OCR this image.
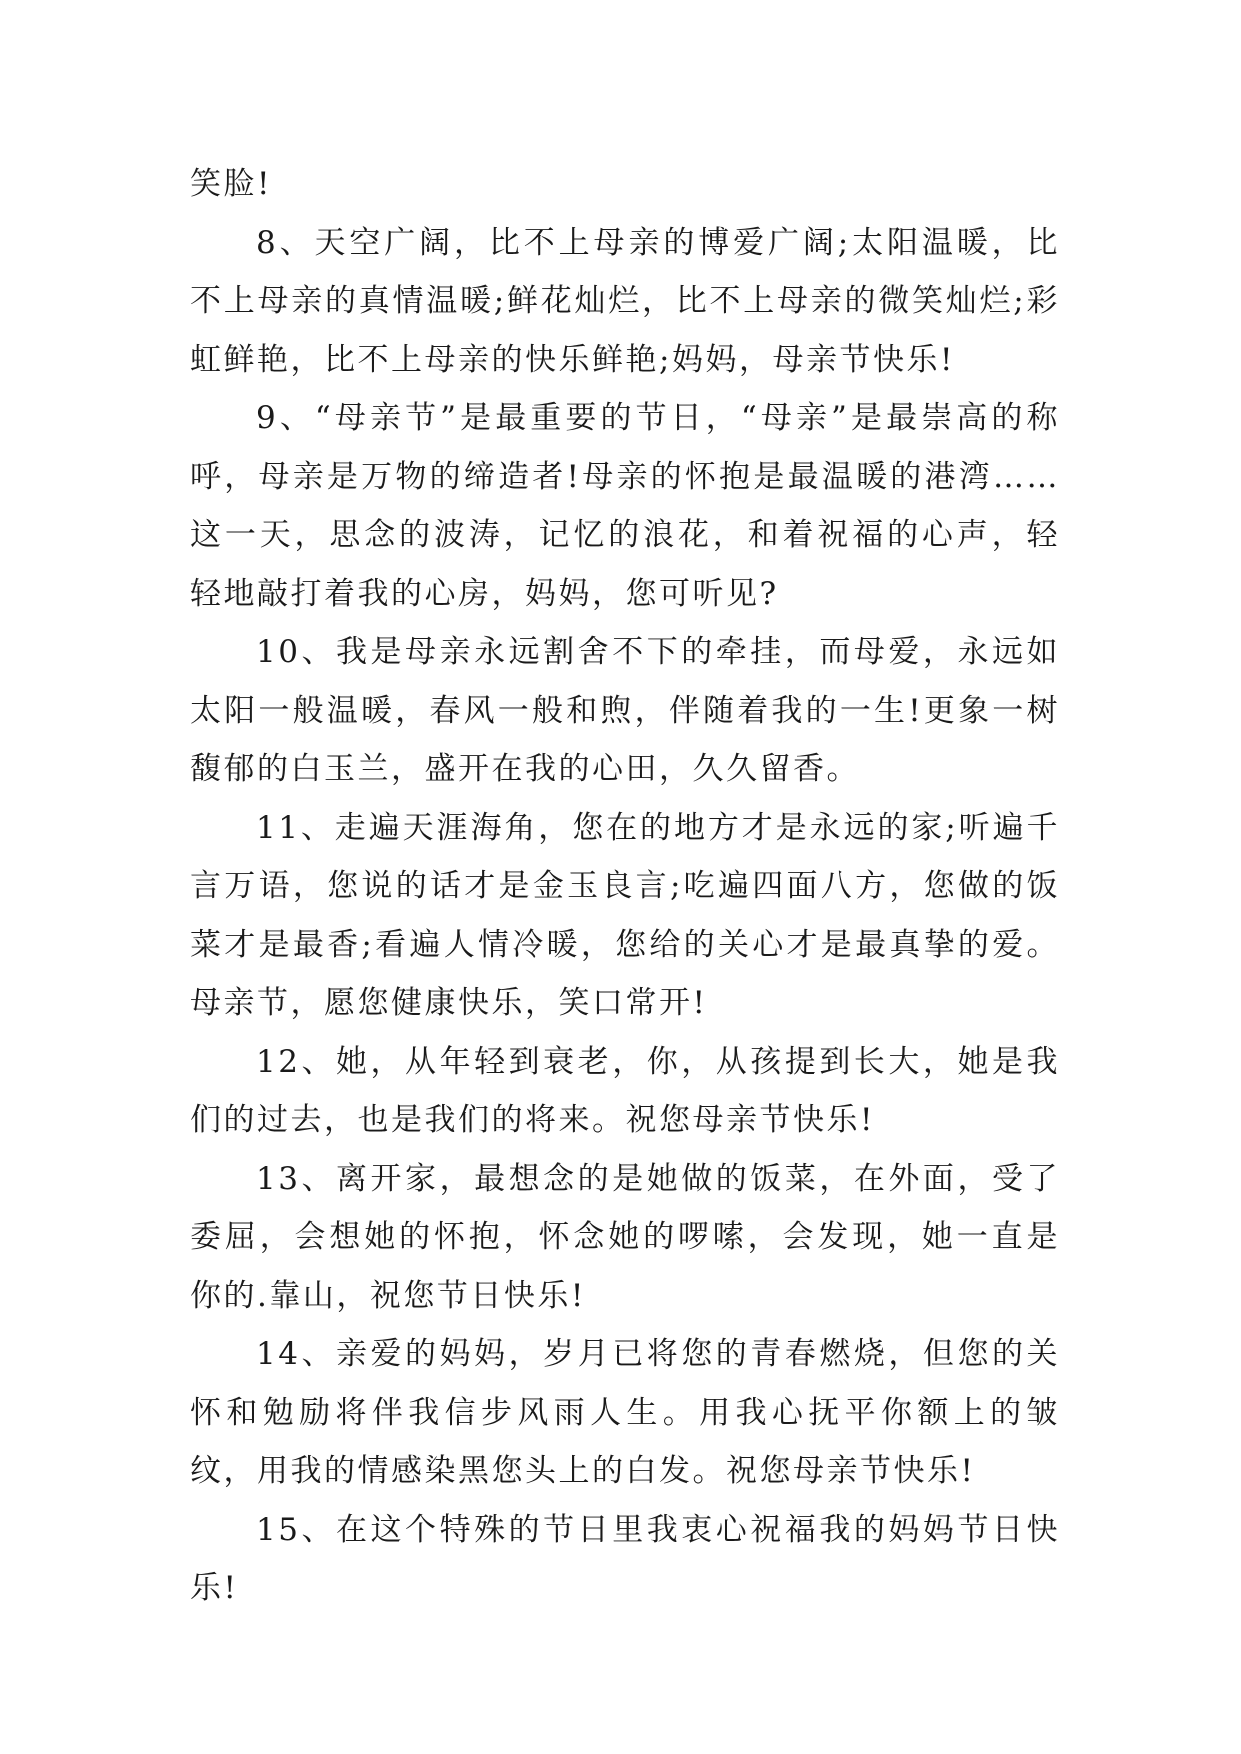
笑脸!

8、天空广阔，比不上母亲的博爱广阔;太阳温暖，比不上母亲的真情温暖;鲜花灿烂，比不上母亲的微笑灿烂;彩虹鲜艳，比不上母亲的快乐鲜艳;妈妈，母亲节快乐!

9、“母亲节”是最重要的节日，“母亲”是最崇高的称呼，母亲是万物的缔造者!母亲的怀抱是最温暖的港湾……这一天，思念的波涛，记忆的浪花，和着祝福的心声，轻轻地敲打着我的心房，妈妈，您可听见?

10、我是母亲永远割舍不下的牵挂，而母爱，永远如太阳一般温暖，春风一般和煦，伴随着我的一生!更象一树馥郁的白玉兰，盛开在我的心田，久久留香。

11、走遍天涯海角，您在的地方才是永远的家;听遍千言万语，您说的话才是金玉良言;吃遍四面八方，您做的饭菜才是最香;看遍人情冷暖，您给的关心才是最真挚的爱。母亲节，愿您健康快乐，笑口常开!

12、她，从年轻到衰老，你，从孩提到长大，她是我们的过去，也是我们的将来。祝您母亲节快乐!

13、离开家，最想念的是她做的饭菜，在外面，受了委屈，会想她的怀抱，怀念她的啰嗦，会发现，她一直是你的.靠山，祝您节日快乐!

14、亲爱的妈妈，岁月已将您的青春燃烧，但您的关怀和勉励将伴我信步风雨人生。用我心抚平你额上的皱纹，用我的情感染黑您头上的白发。祝您母亲节快乐!

15、在这个特殊的节日里我衷心祝福我的妈妈节日快乐!
